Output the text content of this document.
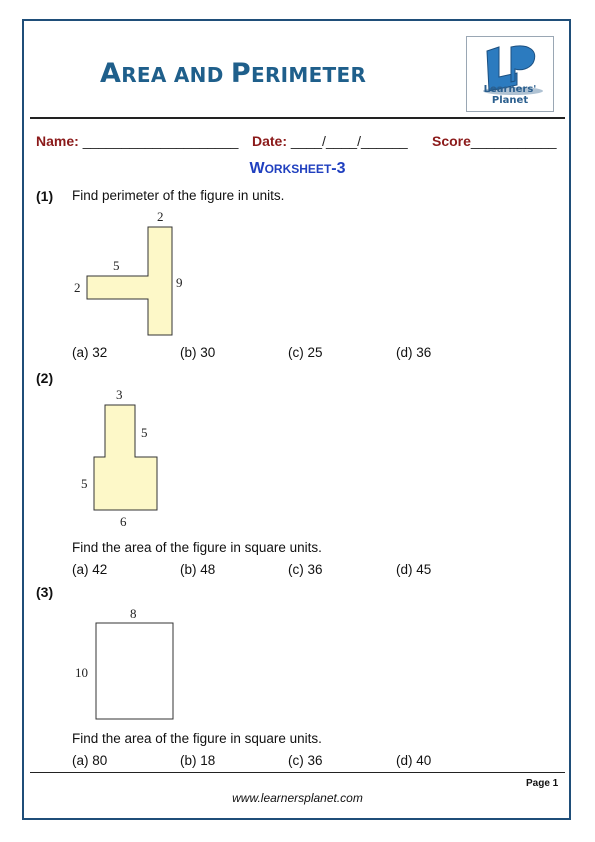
AREA AND PERIMETER
Learners' Planet
Name: ____________________ Date: ____/____/______ Score___________
WORKSHEET-3
(1) Find perimeter of the figure in units.
2
5
2	9
3
5
5
6
8
10
(a) 32	(b) 30	(c) 25	(d) 36
(2)
Find the area of the figure in square units.
(a) 42	(b) 48	(c) 36	(d) 45
(3)
Find the area of the figure in square units.
(a) 80	(b) 18	(c) 36	(d) 40
Page 1
www.learnersplanet.com
